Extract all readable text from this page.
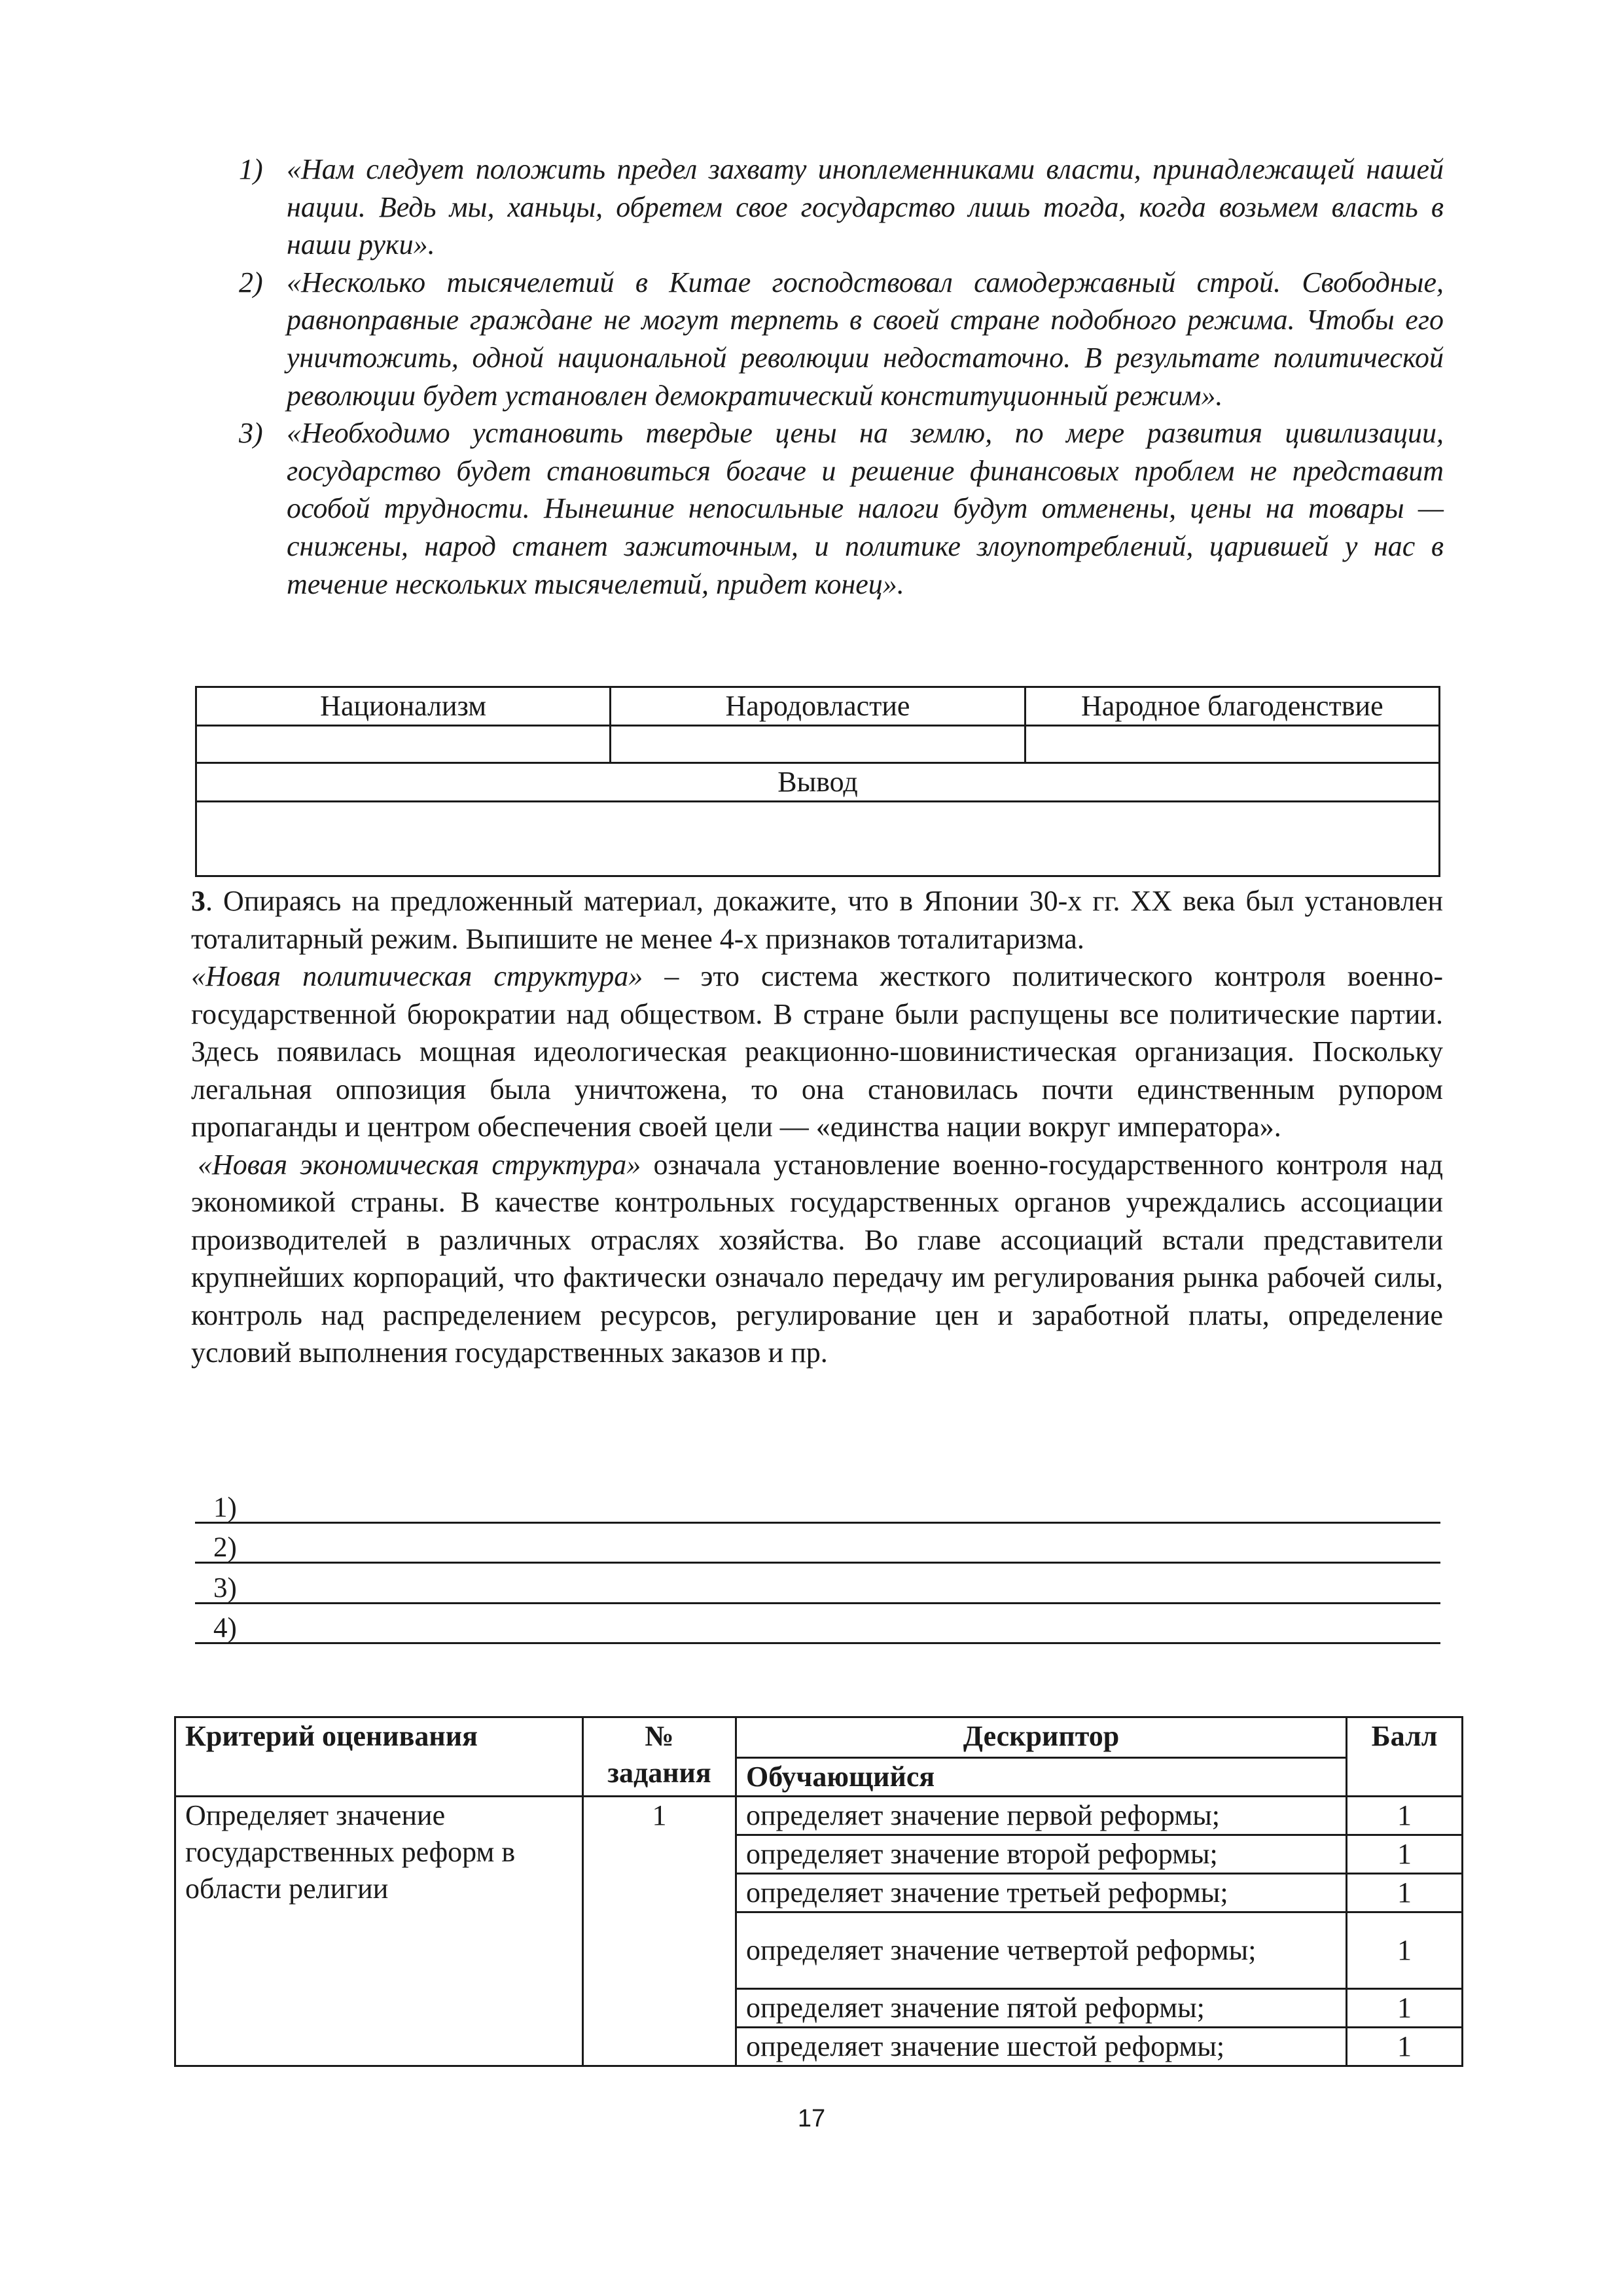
1) «Нам следует положить предел захвату иноплеменниками власти, принадлежащей нашей нации. Ведь мы, ханьцы, обретем свое государство лишь тогда, когда возьмем власть в наши руки».
2) «Несколько тысячелетий в Китае господствовал самодержавный строй. Свободные, равноправные граждане не могут терпеть в своей стране подобного режима. Чтобы его уничтожить, одной национальной революции недостаточно. В результате политической революции будет установлен демократический конституционный режим».
3) «Необходимо установить твердые цены на землю, по мере развития цивилизации, государство будет становиться богаче и решение финансовых проблем не представит особой трудности. Нынешние непосильные налоги будут отменены, цены на товары — снижены, народ станет зажиточным, и политике злоупотреблений, царившей у нас в течение нескольких тысячелетий, придет конец».
Национализм	Народовластие	Народное благоденствие

Вывод		

3. Опираясь на предложенный материал, докажите, что в Японии 30-х гг. XX века был установлен тоталитарный режим. Выпишите не менее 4-х признаков тоталитаризма.

«Новая политическая структура» – это система жесткого политического контроля военно-государственной бюрократии над обществом. В стране были распущены все политические партии. Здесь появилась мощная идеологическая реакционно-шовинистическая организация. Поскольку легальная оппозиция была уничтожена, то она становилась почти единственным рупором пропаганды и центром обеспечения своей цели — «единства нации вокруг императора».

«Новая экономическая структура» означала установление военно-государственного контроля над экономикой страны. В качестве контрольных государственных органов учреждались ассоциации производителей в различных отраслях хозяйства. Во главе ассоциаций встали представители крупнейших корпораций, что фактически означало передачу им регулирования рынка рабочей силы, контроль над распределением ресурсов, регулирование цен и заработной платы, определение условий выполнения государственных заказов и пр.

1)
2)
3)
4)
Критерий оценивания	№ задания	Дескриптор	Балл
		Обучающийся	
Определяет значение государственных реформ в области религии	1	определяет значение первой реформы;	1
		определяет значение второй реформы;	1
		определяет значение третьей реформы;	1
		определяет значение четвертой реформы;	1
		определяет значение пятой реформы;	1
		определяет значение шестой реформы;	1
17
